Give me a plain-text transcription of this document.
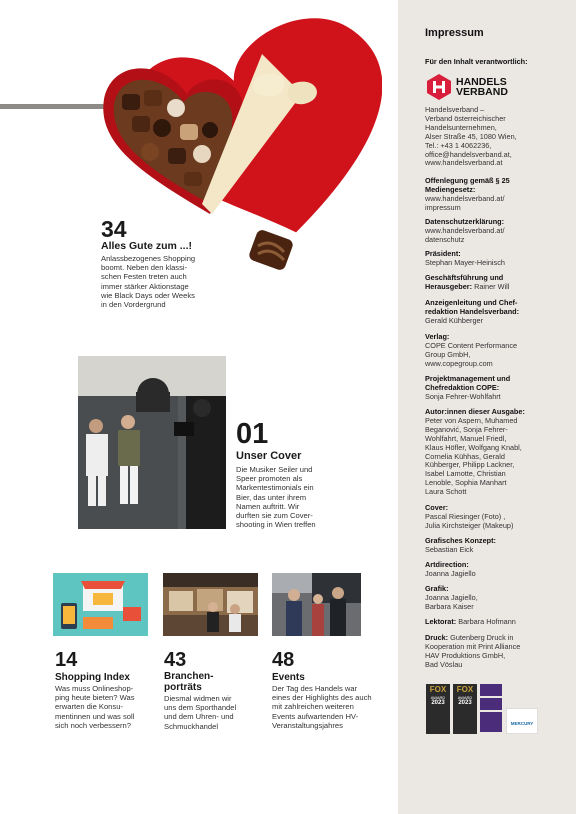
34
Alles Gute zum ...!
Anlassbezogenes Shopping
boomt. Neben den klassi-
schen Festen treten auch
immer stärker Aktionstage
wie Black Days oder Weeks
in den Vordergrund
01
Unser Cover
Die Musiker Seiler und
Speer promoten als
Markentestimonials ein
Bier, das unter ihrem
Namen auftritt. Wir
durften sie zum Cover-
shooting in Wien treffen
14
Shopping Index
Was muss Onlineshop-
ping heute bieten? Was
erwarten die Konsu-
mentinnen und was soll
sich noch verbessern?
43
Branchen-
porträts
Diesmal widmen wir
uns dem Sporthandel
und dem Uhren- und
Schmuckhandel
48
Events
Der Tag des Handels war
eines der Highlights des auch
mit zahlreichen weiteren
Events aufwartenden HV-
Veranstaltungsjahres
Impressum
Für den Inhalt verantwortlich:
HANDELS
VERBAND
Handelsverband –
Verband österreichischer
Handelsunternehmen,
Alser Straße 45, 1080 Wien,
Tel.: +43 1 4062236,
office@handelsverband.at,
www.handelsverband.at
Offenlegung gemäß § 25
Mediengesetz:
www.handelsverband.at/
impressum
Datenschutzerklärung:
www.handelsverband.at/
datenschutz
Präsident:
Stephan Mayer-Heinisch
Geschäftsführung und
Herausgeber: Rainer Will
Anzeigenleitung und Chef-
redaktion Handelsverband:
Gerald Kühberger
Verlag:
COPE Content Performance
Group GmbH,
www.copegroup.com
Projektmanagement und
Chefredaktion COPE:
Sonja Fehrer-Wohlfahrt
Autor:innen dieser Ausgabe:
Peter von Aspern, Muhamed
Beganović, Sonja Fehrer-
Wohlfahrt, Manuel Friedl,
Klaus Höfler, Wolfgang Knabl,
Cornelia Kühhas, Gerald
Kühberger, Philipp Lackner,
Isabel Lamotte, Christian
Lenoble, Sophia Manhart
Laura Schott
Cover:
Pascal Riesinger (Foto) ,
Julia Kirchsteiger (Makeup)
Grafisches Konzept:
Sebastian Eick
Artdirection:
Joanna Jagiello
Grafik:
Joanna Jagiello,
Barbara Kaiser
Lektorat: Barbara Hofmann
Druck: Gutenberg Druck in
Kooperation mit Print Alliance
HAV Produktions GmbH,
Bad Vöslau
FOX
AWARD
2023
FOX
AWARD
2023
MERCURY
